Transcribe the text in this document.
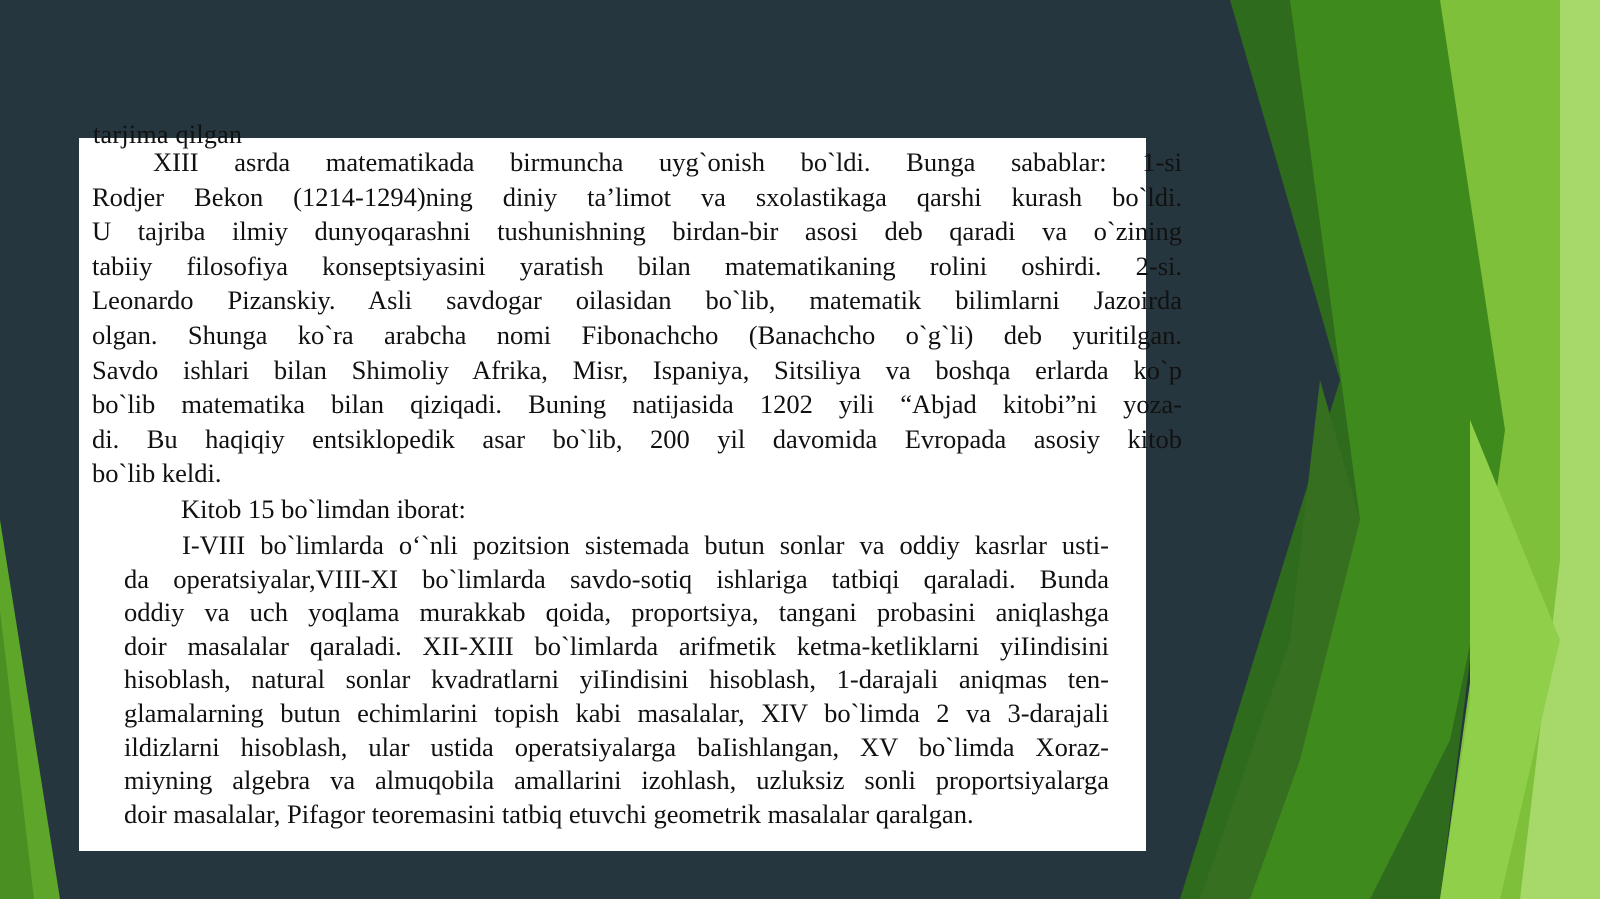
tarjima qilgan

XIII asrda matematikada birmuncha uyg`onish bo`ldi. Bunga sabablar: 1-si

Rodjer Bekon (1214-1294)ning diniy ta’limot va sxolastikaga qarshi kurash bo`ldi.

U tajriba ilmiy dunyoqarashni tushunishning birdan-bir asosi deb qaradi va o`zining

tabiiy filosofiya konseptsiyasini yaratish bilan matematikaning rolini oshirdi. 2-si.

Leonardo Pizanskiy. Asli savdogar oilasidan bo`lib, matematik bilimlarni Jazoirda

olgan. Shunga ko`ra arabcha nomi Fibonachcho (Banachcho o`g`li) deb yuritilgan.

Savdo ishlari bilan Shimoliy Afrika, Misr, Ispaniya, Sitsiliya va boshqa erlarda ko`p

bo`lib matematika bilan qiziqadi. Buning natijasida 1202 yili “Abjad kitobi”ni yoza-

di. Bu haqiqiy entsiklopedik asar bo`lib, 200 yil davomida Evropada asosiy kitob

bo`lib keldi.

Kitob 15 bo`limdan iborat:

I-VIII bo`limlarda o‘`nli pozitsion sistemada butun sonlar va oddiy kasrlar usti-

da operatsiyalar,VIII-XI bo`limlarda savdo-sotiq ishlariga tatbiqi qaraladi. Bunda

oddiy va uch yoqlama murakkab qoida, proportsiya, tangani probasini aniqlashga

doir masalalar qaraladi. XII-XIII bo`limlarda arifmetik ketma-ketliklarni yiIindisini

hisoblash, natural sonlar kvadratlarni yiIindisini hisoblash, 1-darajali aniqmas ten-

glamalarning butun echimlarini topish kabi masalalar, XIV bo`limda 2 va 3-darajali

ildizlarni hisoblash, ular ustida operatsiyalarga baIishlangan, XV bo`limda Xoraz-

miyning algebra va almuqobila amallarini izohlash, uzluksiz sonli proportsiyalarga

doir masalalar, Pifagor teoremasini tatbiq etuvchi geometrik masalalar qaralgan.
